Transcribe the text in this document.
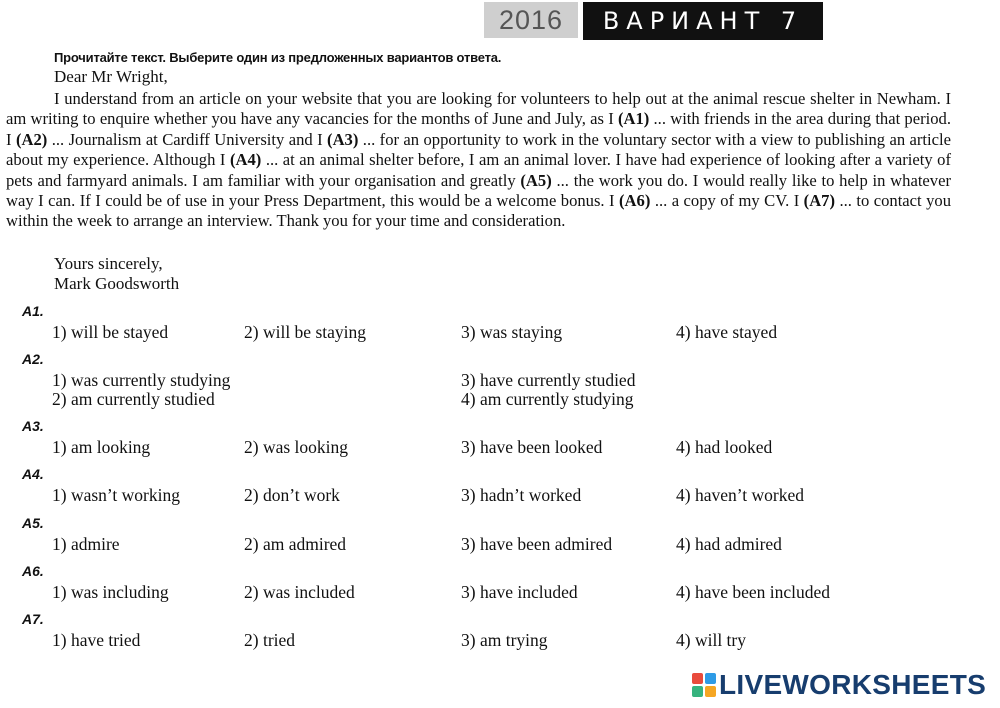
2016	ВАРИАНТ 7
Прочитайте текст. Выберите один из предложенных вариантов ответа.
Dear Mr Wright,
I understand from an article on your website that you are looking for volunteers to help out at the animal rescue shelter in Newham. I am writing to enquire whether you have any vacancies for the months of June and July, as I (A1) ... with friends in the area during that period. I (A2) ... Journalism at Cardiff University and I (A3) ... for an opportunity to work in the voluntary sector with a view to publishing an article about my experience. Although I (A4) ... at an animal shelter before, I am an animal lover. I have had experience of looking after a variety of pets and farmyard animals. I am familiar with your organisation and greatly (A5) ... the work you do. I would really like to help in whatever way I can. If I could be of use in your Press Department, this would be a welcome bonus. I (A6) ... a copy of my CV. I (A7) ... to contact you within the week to arrange an interview. Thank you for your time and consideration.
Yours sincerely,
Mark Goodsworth
A1.
1) will be stayed	2) will be staying	3) was staying	4) have stayed
A2.
1) was currently studying
2) am currently studied
3) have currently studied
4) am currently studying
A3.
1) am looking	2) was looking	3) have been looked	4) had looked
A4.
1) wasn’t working	2) don’t work	3) hadn’t worked	4) haven’t worked
A5.
1) admire	2) am admired	3) have been admired	4) had admired
A6.
1) was including	2) was included	3) have included	4) have been included
A7.
1) have tried	2) tried	3) am trying	4) will try
LIVEWORKSHEETS
